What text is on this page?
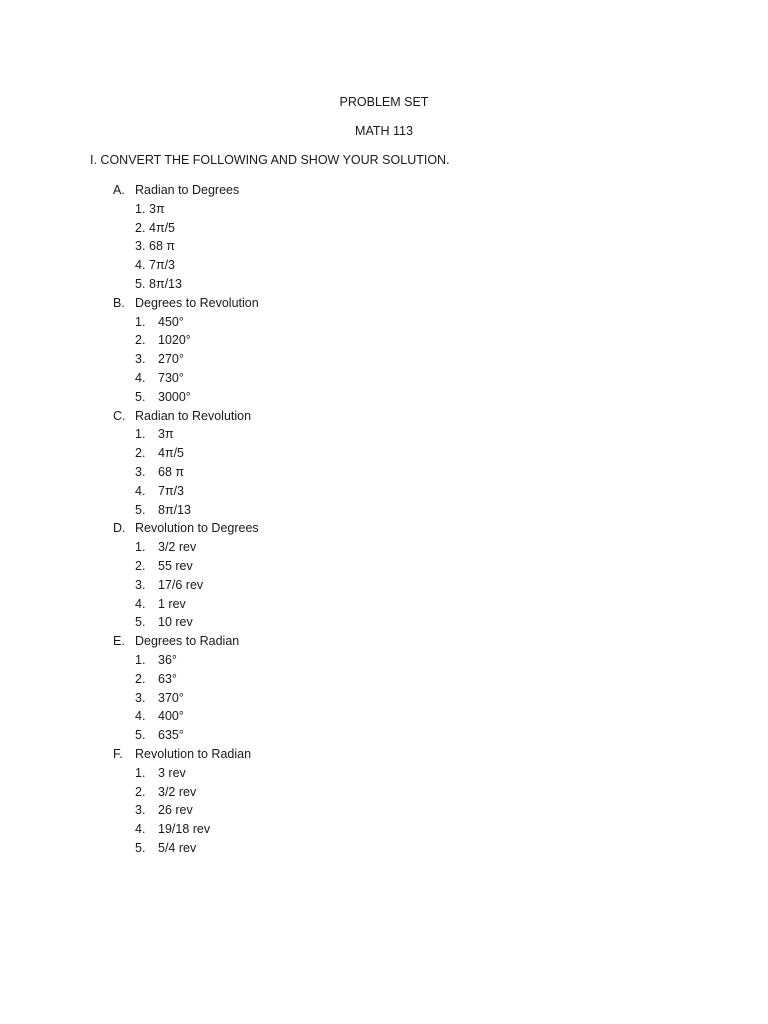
PROBLEM SET
MATH 113
I. CONVERT THE FOLLOWING AND SHOW YOUR SOLUTION.
A. Radian to Degrees
1. 3π
2. 4π/5
3. 68 π
4. 7π/3
5. 8π/13
B. Degrees to Revolution
1. 450°
2. 1020°
3. 270°
4. 730°
5. 3000°
C. Radian to Revolution
1. 3π
2. 4π/5
3. 68 π
4. 7π/3
5. 8π/13
D. Revolution to Degrees
1. 3/2 rev
2. 55 rev
3. 17/6 rev
4. 1 rev
5. 10 rev
E. Degrees to Radian
1. 36°
2. 63°
3. 370°
4. 400°
5. 635°
F. Revolution to Radian
1. 3 rev
2. 3/2 rev
3. 26 rev
4. 19/18 rev
5. 5/4 rev
